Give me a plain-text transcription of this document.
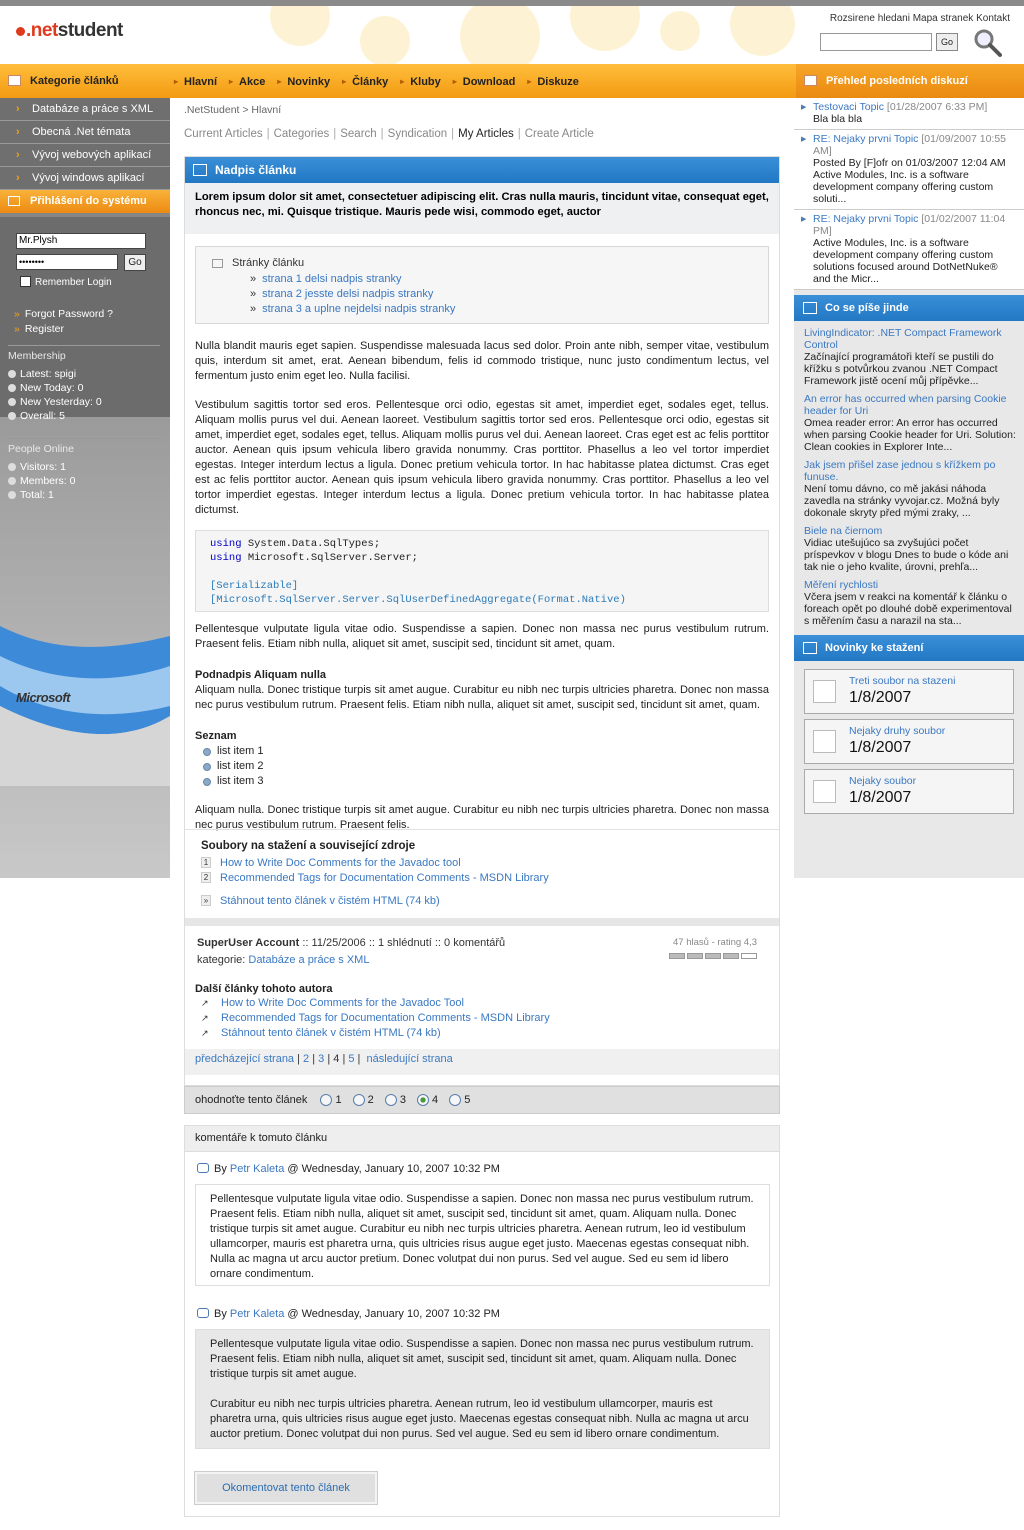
.netstudent
Rozsirene hledani Mapa stranek Kontakt
Go
Kategorie článků	▸ Hlavní	▸ Akce	▸ Novinky	▸ Články	▸ Kluby	▸ Download	▸ Diskuze	Přehled posledních diskuzí
› Databáze a práce s XML
› Obecná .Net témata
› Vývoj webových aplikací
› Vývoj windows aplikací
Přihlášení do systému
Mr.Plysh
••••••••	Go
Remember Login
» Forgot Password ?
» Register
Membership
Latest: spigi
New Today: 0
New Yesterday: 0
Overall: 5
People Online
Visitors: 1
Members: 0
Total: 1
Microsoft
.NetStudent > Hlavní
Current Articles | Categories | Search | Syndication | My Articles | Create Article
Nadpis článku
Lorem ipsum dolor sit amet, consectetuer adipiscing elit. Cras nulla mauris, tincidunt vitae, consequat eget, rhoncus nec, mi. Quisque tristique. Mauris pede wisi, commodo eget, auctor
Stránky článku
» strana 1 delsi nadpis stranky
» strana 2 jesste delsi nadpis stranky
» strana 3 a uplne nejdelsi nadpis stranky

Nulla blandit mauris eget sapien. Suspendisse malesuada lacus sed dolor. Proin ante nibh, semper vitae, vestibulum quis, interdum sit amet, erat. Aenean bibendum, felis id commodo tristique, nunc justo condimentum lectus, vel fermentum justo enim eget leo. Nulla facilisi.

Vestibulum sagittis tortor sed eros. Pellentesque orci odio, egestas sit amet, imperdiet eget, sodales eget, tellus. Aliquam mollis purus vel dui. Aenean laoreet. Vestibulum sagittis tortor sed eros. Pellentesque orci odio, egestas sit amet, imperdiet eget, sodales eget, tellus. Aliquam mollis purus vel dui. Aenean laoreet. Cras eget est ac felis porttitor auctor. Aenean quis ipsum vehicula libero gravida nonummy. Cras porttitor. Phasellus a leo vel tortor imperdiet egestas. Integer interdum lectus a ligula. Donec pretium vehicula tortor. In hac habitasse platea dictumst. Cras eget est ac felis porttitor auctor. Aenean quis ipsum vehicula libero gravida nonummy. Cras porttitor. Phasellus a leo vel tortor imperdiet egestas. Integer interdum lectus a ligula. Donec pretium vehicula tortor. In hac habitasse platea dictumst.

using System.Data.SqlTypes;
using Microsoft.SqlServer.Server;
[Serializable]
[Microsoft.SqlServer.Server.SqlUserDefinedAggregate(Format.Native)

Pellentesque vulputate ligula vitae odio. Suspendisse a sapien. Donec non massa nec purus vestibulum rutrum. Praesent felis. Etiam nibh nulla, aliquet sit amet, suscipit sed, tincidunt sit amet, quam.

Podnadpis Aliquam nulla
Aliquam nulla. Donec tristique turpis sit amet augue. Curabitur eu nibh nec turpis ultricies pharetra. Donec non massa nec purus vestibulum rutrum. Praesent felis. Etiam nibh nulla, aliquet sit amet, suscipit sed, tincidunt sit amet, quam.
Seznam
list item 1
list item 2
list item 3

Aliquam nulla. Donec tristique turpis sit amet augue. Curabitur eu nibh nec turpis ultricies pharetra. Donec non massa nec purus vestibulum rutrum. Praesent felis.

Soubory na stažení a související zdroje
1 How to Write Doc Comments for the Javadoc tool
2 Recommended Tags for Documentation Comments - MSDN Library
» Stáhnout tento článek v čistém HTML (74 kb)
SuperUser Account :: 11/25/2006 :: 1 shlédnutí :: 0 komentářů
kategorie: Databáze a práce s XML
47 hlasů - rating 4,3
Další články tohoto autora
↗ How to Write Doc Comments for the Javadoc Tool
↗ Recommended Tags for Documentation Comments - MSDN Library
↗ Stáhnout tento článek v čistém HTML (74 kb)
předcházející strana | 2 | 3 | 4 | 5 |  následující strana
ohodnoťte tento článek	1 2 3 4 5
komentáře k tomuto článku
By Petr Kaleta @ Wednesday, January 10, 2007 10:32 PM
Pellentesque vulputate ligula vitae odio. Suspendisse a sapien. Donec non massa nec purus vestibulum rutrum. Praesent felis. Etiam nibh nulla, aliquet sit amet, suscipit sed, tincidunt sit amet, quam. Aliquam nulla. Donec tristique turpis sit amet augue. Curabitur eu nibh nec turpis ultricies pharetra. Aenean rutrum, leo id vestibulum ullamcorper, mauris est pharetra urna, quis ultricies risus augue eget justo. Maecenas egestas consequat nibh. Nulla ac magna ut arcu auctor pretium. Donec volutpat dui non purus. Sed vel augue. Sed eu sem id libero ornare condimentum.
By Petr Kaleta @ Wednesday, January 10, 2007 10:32 PM
Pellentesque vulputate ligula vitae odio. Suspendisse a sapien. Donec non massa nec purus vestibulum rutrum. Praesent felis. Etiam nibh nulla, aliquet sit amet, suscipit sed, tincidunt sit amet, quam. Aliquam nulla. Donec tristique turpis sit amet augue.
Curabitur eu nibh nec turpis ultricies pharetra. Aenean rutrum, leo id vestibulum ullamcorper, mauris est pharetra urna, quis ultricies risus augue eget justo. Maecenas egestas consequat nibh. Nulla ac magna ut arcu auctor pretium. Donec volutpat dui non purus. Sed vel augue. Sed eu sem id libero ornare condimentum.
Okomentovat tento článek
▶ Testovaci Topic [01/28/2007 6:33 PM]
Bla bla bla
▶ RE: Nejaky prvni Topic [01/09/2007 10:55 AM]
Posted By [F]ofr on 01/03/2007 12:04 AM Active Modules, Inc. is a software development company offering custom soluti...
▶ RE: Nejaky prvni Topic [01/02/2007 11:04 PM]
Active Modules, Inc. is a software development company offering custom solutions focused around DotNetNuke® and the Micr...
Co se píše jinde
LivingIndicator: .NET Compact Framework Control
Začínající programátoři kteří se pustili do křížku s potvůrkou zvanou .NET Compact Framework jistě ocení můj přípěvke...
An error has occurred when parsing Cookie header for Uri
Omea reader error: An error has occurred when parsing Cookie header for Uri. Solution: Clean cookies in Explorer Inte...
Jak jsem přišel zase jednou s křížkem po funuse.
Není tomu dávno, co mě jakási náhoda zavedla na stránky vyvojar.cz. Možná byly dokonale skryty před mými zraky, ...
Biele na čiernom
Vidiac utešujúco sa zvyšujúci počet príspevkov v blogu Dnes to bude o kóde ani tak nie o jeho kvalite, úrovni, prehľa...
Měření rychlosti
Včera jsem v reakci na komentář k článku o foreach opět po dlouhé době experimentoval s měřením času a narazil na sta...
Novinky ke stažení
Treti soubor na stazeni
1/8/2007
Nejaky druhy soubor
1/8/2007
Nejaky soubor
1/8/2007
